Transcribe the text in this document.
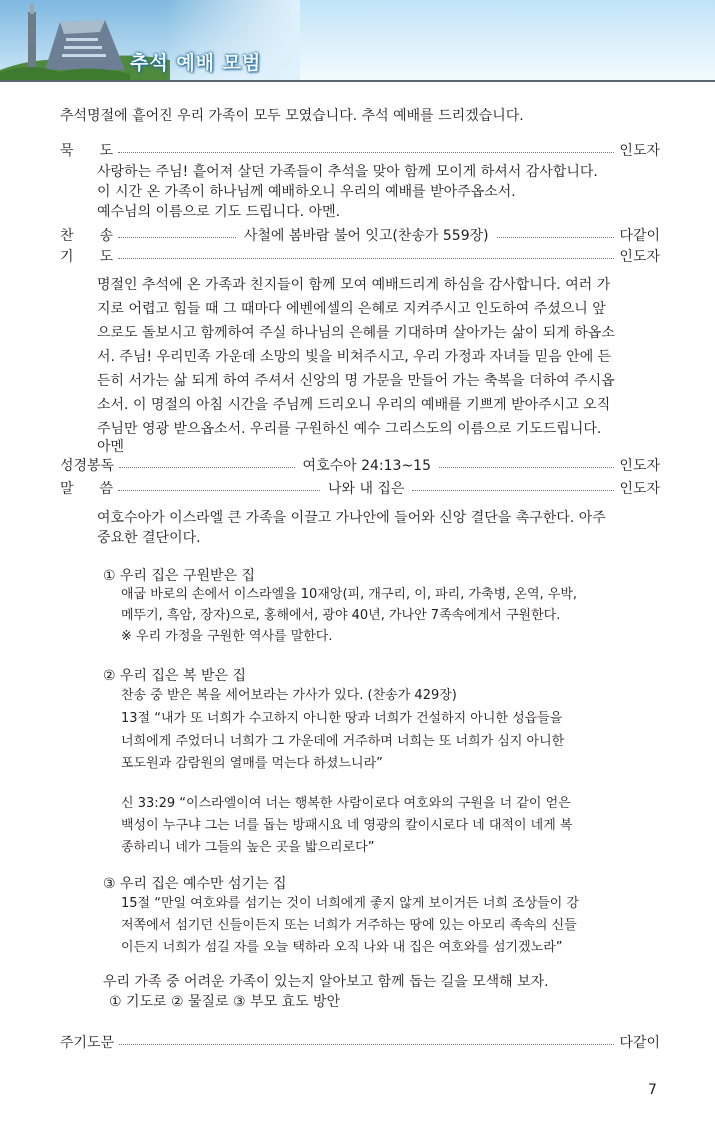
추석 예배 모범
추석명절에 흩어진 우리 가족이 모두 모였습니다. 추석 예배를 드리겠습니다.
묵 도	인도자
사랑하는 주님! 흩어져 살던 가족들이 추석을 맞아 함께 모이게 하셔서 감사합니다.
이 시간 온 가족이 하나님께 예배하오니 우리의 예배를 받아주옵소서.
예수님의 이름으로 기도 드립니다. 아멘.
찬 송	사철에 봄바람 불어 잇고(찬송가 559장)	다같이
기 도	인도자
명절인 추석에 온 가족과 친지들이 함께 모여 예배드리게 하심을 감사합니다. 여러 가
지로 어렵고 힘들 때 그 때마다 에벤에셀의 은혜로 지켜주시고 인도하여 주셨으니 앞
으로도 돌보시고 함께하여 주실 하나님의 은혜를 기대하며 살아가는 삶이 되게 하옵소
서. 주님! 우리민족 가운데 소망의 빛을 비쳐주시고, 우리 가정과 자녀들 믿음 안에 든
든히 서가는 삶 되게 하여 주셔서 신앙의 명 가문을 만들어 가는 축복을 더하여 주시옵
소서. 이 명절의 아침 시간을 주님께 드리오니 우리의 예배를 기쁘게 받아주시고 오직
주님만 영광 받으옵소서. 우리를 구원하신 예수 그리스도의 이름으로 기도드립니다.
아멘
성경봉독	여호수아 24:13~15	인도자
말 씀	나와 내 집은	인도자
여호수아가 이스라엘 큰 가족을 이끌고 가나안에 들어와 신앙 결단을 촉구한다. 아주
중요한 결단이다.
① 우리 집은 구원받은 집
애굽 바로의 손에서 이스라엘을 10재앙(피, 개구리, 이, 파리, 가축병, 온역, 우박,
메뚜기, 흑암, 장자)으로, 홍해에서, 광야 40년, 가나안 7족속에게서 구원한다.
※ 우리 가정을 구원한 역사를 말한다.
② 우리 집은 복 받은 집
찬송 중 받은 복을 세어보라는 가사가 있다. (찬송가 429장)
13절 “내가 또 너희가 수고하지 아니한 땅과 너희가 건설하지 아니한 성읍들을
너희에게 주었더니 너희가 그 가운데에 거주하며 너희는 또 너희가 심지 아니한
포도원과 감람원의 열매를 먹는다 하셨느니라”
신 33:29 “이스라엘이여 너는 행복한 사람이로다 여호와의 구원을 너 같이 얻은
백성이 누구냐 그는 너를 돕는 방패시요 네 영광의 칼이시로다 네 대적이 네게 복
종하리니 네가 그들의 높은 곳을 밟으리로다”
③ 우리 집은 예수만 섬기는 집
15절 “만일 여호와를 섬기는 것이 너희에게 좋지 않게 보이거든 너희 조상들이 강
저쪽에서 섬기던 신들이든지 또는 너희가 거주하는 땅에 있는 아모리 족속의 신들
이든지 너희가 섬길 자를 오늘 택하라 오직 나와 내 집은 여호와를 섬기겠노라”
우리 가족 중 어려운 가족이 있는지 알아보고 함께 돕는 길을 모색해 보자.
① 기도로 ② 물질로 ③ 부모 효도 방안
주기도문	다같이
7
